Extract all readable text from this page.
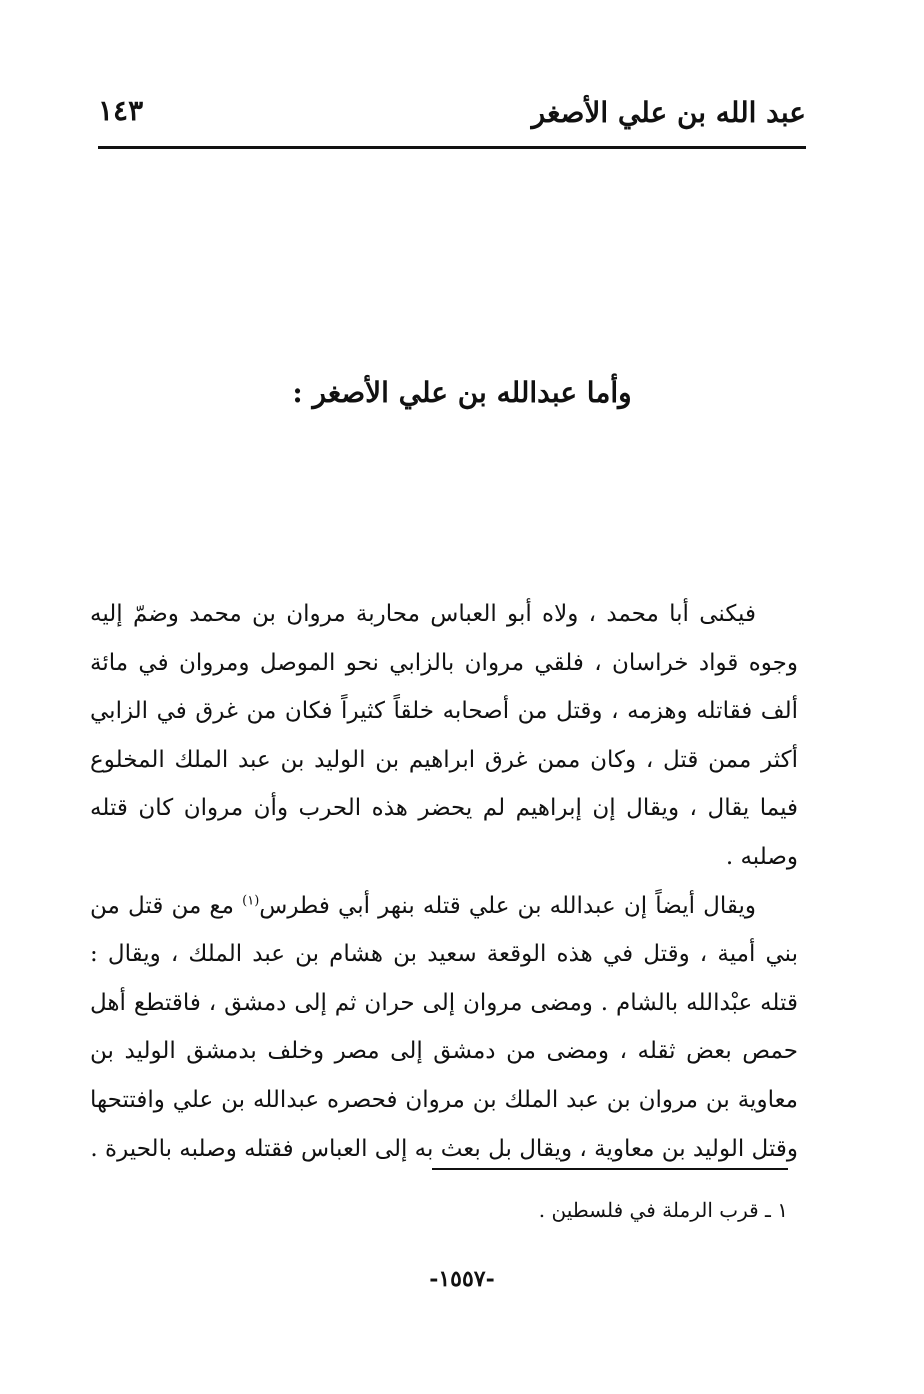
عبد الله بن علي الأصغر
١٤٣
وأما عبدالله بن علي الأصغر :

فيكنى أبا محمد ، ولاه أبو العباس محاربة مروان بن محمد وضمّ إليه وجوه قواد خراسان ، فلقي مروان بالزابي نحو الموصل ومروان في مائة ألف فقاتله وهزمه ، وقتل من أصحابه خلقاً كثيراً فكان من غرق في الزابي أكثر ممن قتل ، وكان ممن غرق ابراهيم بن الوليد بن عبد الملك المخلوع فيما يقال ، ويقال إن إبراهيم لم يحضر هذه الحرب وأن مروان كان قتله وصلبه .

ويقال أيضاً إن عبدالله بن علي قتله بنهر أبي فطرس$^{(١)}$ مع من قتل من بني أمية ، وقتل في هذه الوقعة سعيد بن هشام بن عبد الملك ، ويقال : قتله عبْدالله بالشام . ومضى مروان إلى حران ثم إلى دمشق ، فاقتطع أهل حمص بعض ثقله ، ومضى من دمشق إلى مصر وخلف بدمشق الوليد بن معاوية بن مروان بن عبد الملك بن مروان فحصره عبدالله بن علي وافتتحها وقتل الوليد بن معاوية ، ويقال بل بعث به إلى العباس فقتله وصلبه بالحيرة .

١ ـ قرب الرملة في فلسطين .
-١٥٥٧-
